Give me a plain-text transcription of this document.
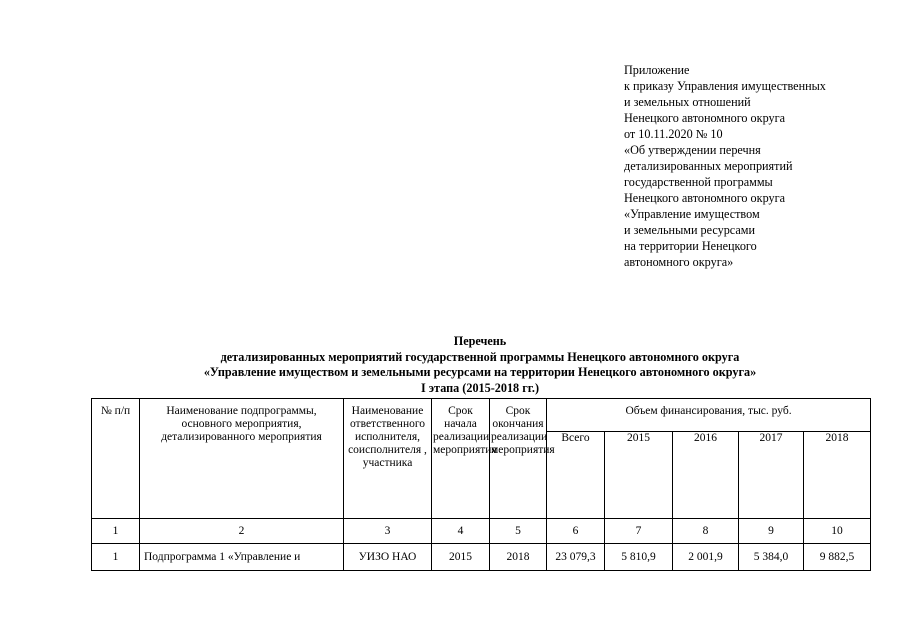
Приложение
к приказу Управления имущественных
и земельных отношений
Ненецкого автономного округа
от 10.11.2020 № 10
«Об утверждении перечня
детализированных мероприятий
государственной программы
Ненецкого автономного округа
«Управление имуществом
и земельными ресурсами
на территории Ненецкого
автономного округа»
Перечень
детализированных мероприятий государственной программы Ненецкого автономного округа
«Управление имуществом и земельными ресурсами на территории Ненецкого автономного округа»
I этапа (2015-2018 гг.)
№ п/п	Наименование подпрограммы, основного мероприятия, детализированного мероприятия	Наименование ответственного исполнителя, соисполнителя , участника	Срок начала реализации мероприятия	Срок окончания реализации мероприятия	Объем финансирования, тыс. руб.				
					Всего	2015	2016	2017	2018
1	2	3	4	5	6	7	8	9	10
1	Подпрограмма 1 «Управление и	УИЗО НАО	2015	2018	23 079,3	5 810,9	2 001,9	5 384,0	9 882,5
